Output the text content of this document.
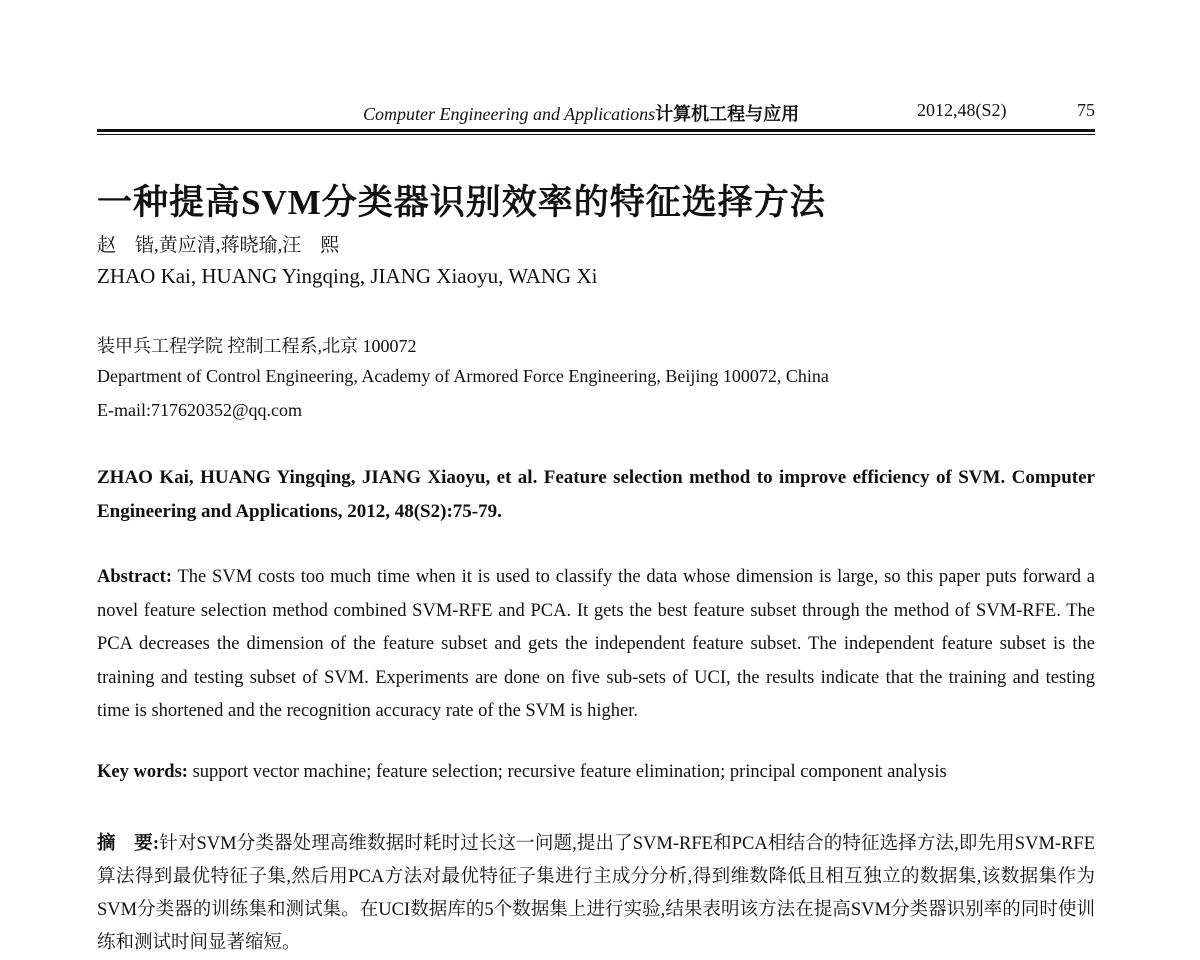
Computer Engineering and Applications计算机工程与应用	2012,48(S2)	75
一种提高SVM分类器识别效率的特征选择方法
赵　锴,黄应清,蒋晓瑜,汪　熙
ZHAO Kai, HUANG Yingqing, JIANG Xiaoyu, WANG Xi
装甲兵工程学院 控制工程系,北京 100072
Department of Control Engineering, Academy of Armored Force Engineering, Beijing 100072, China
E-mail:717620352@qq.com
ZHAO Kai, HUANG Yingqing, JIANG Xiaoyu, et al. Feature selection method to improve efficiency of SVM. Computer Engineering and Applications, 2012, 48(S2):75-79.
Abstract: The SVM costs too much time when it is used to classify the data whose dimension is large, so this paper puts forward a novel feature selection method combined SVM-RFE and PCA. It gets the best feature subset through the method of SVM-RFE. The PCA decreases the dimension of the feature subset and gets the independent feature subset. The independent feature subset is the training and testing subset of SVM. Experiments are done on five sub-sets of UCI, the results indicate that the training and testing time is shortened and the recognition accuracy rate of the SVM is higher.
Key words: support vector machine; feature selection; recursive feature elimination; principal component analysis
摘　要:针对SVM分类器处理高维数据时耗时过长这一问题,提出了SVM-RFE和PCA相结合的特征选择方法,即先用SVM-RFE算法得到最优特征子集,然后用PCA方法对最优特征子集进行主成分分析,得到维数降低且相互独立的数据集,该数据集作为SVM分类器的训练集和测试集。在UCI数据库的5个数据集上进行实验,结果表明该方法在提高SVM分类器识别率的同时使训练和测试时间显著缩短。
